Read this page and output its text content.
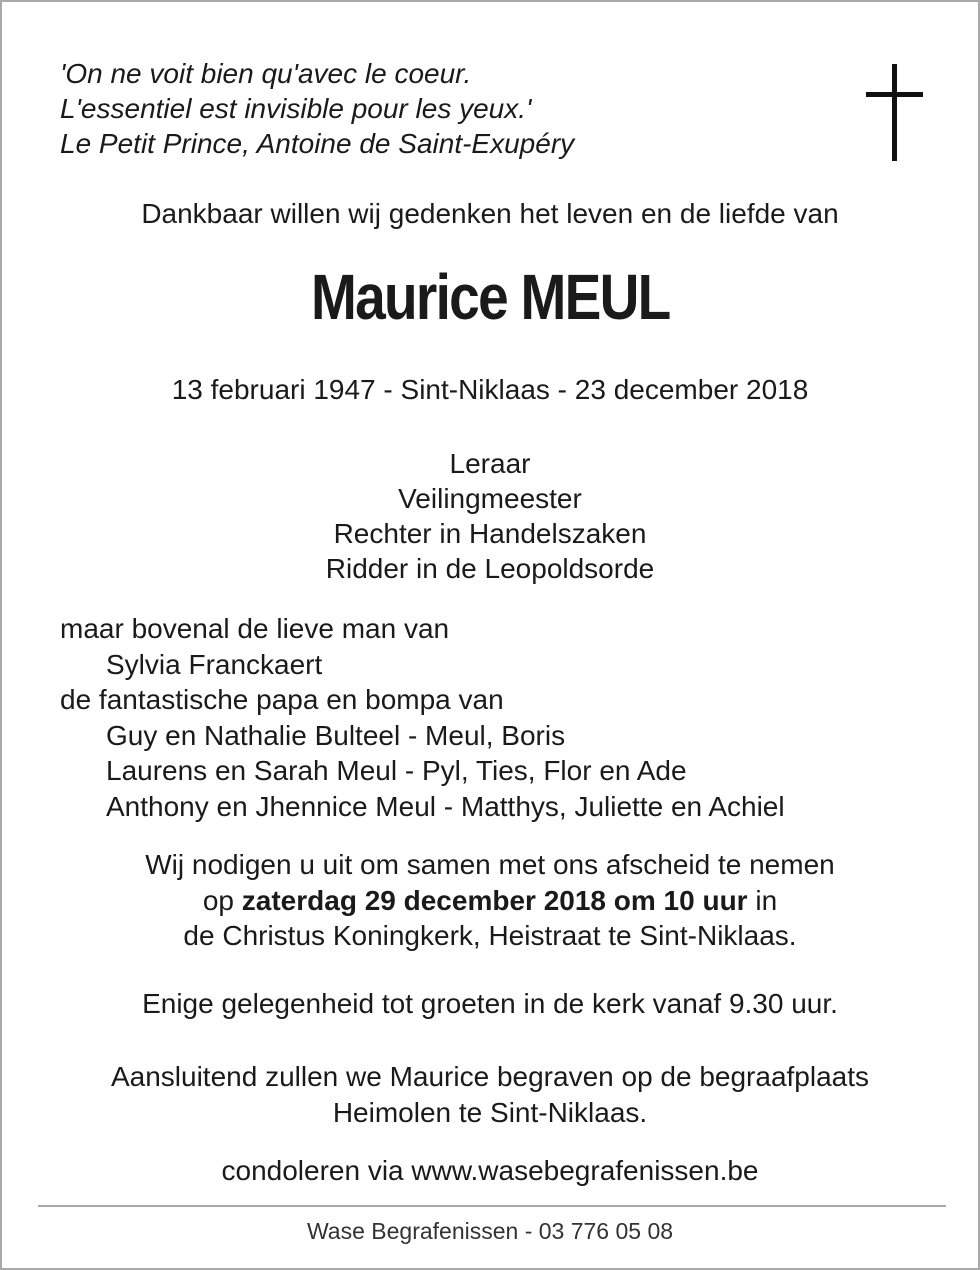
'On ne voit bien qu'avec le coeur.
L'essentiel est invisible pour les yeux.'
Le Petit Prince, Antoine de Saint-Exupéry
Dankbaar willen wij gedenken het leven en de liefde van
Maurice MEUL
13 februari 1947 - Sint-Niklaas - 23 december 2018
Leraar
Veilingmeester
Rechter in Handelszaken
Ridder in de Leopoldsorde
maar bovenal de lieve man van
Sylvia Franckaert
de fantastische papa en bompa van
Guy en Nathalie Bulteel - Meul, Boris
Laurens en Sarah Meul - Pyl, Ties, Flor en Ade
Anthony en Jhennice Meul - Matthys, Juliette en Achiel
Wij nodigen u uit om samen met ons afscheid te nemen
op zaterdag 29 december 2018 om 10 uur in
de Christus Koningkerk, Heistraat te Sint-Niklaas.
Enige gelegenheid tot groeten in de kerk vanaf 9.30 uur.
Aansluitend zullen we Maurice begraven op de begraafplaats
Heimolen te Sint-Niklaas.
condoleren via www.wasebegrafenissen.be
Wase Begrafenissen - 03 776 05 08
